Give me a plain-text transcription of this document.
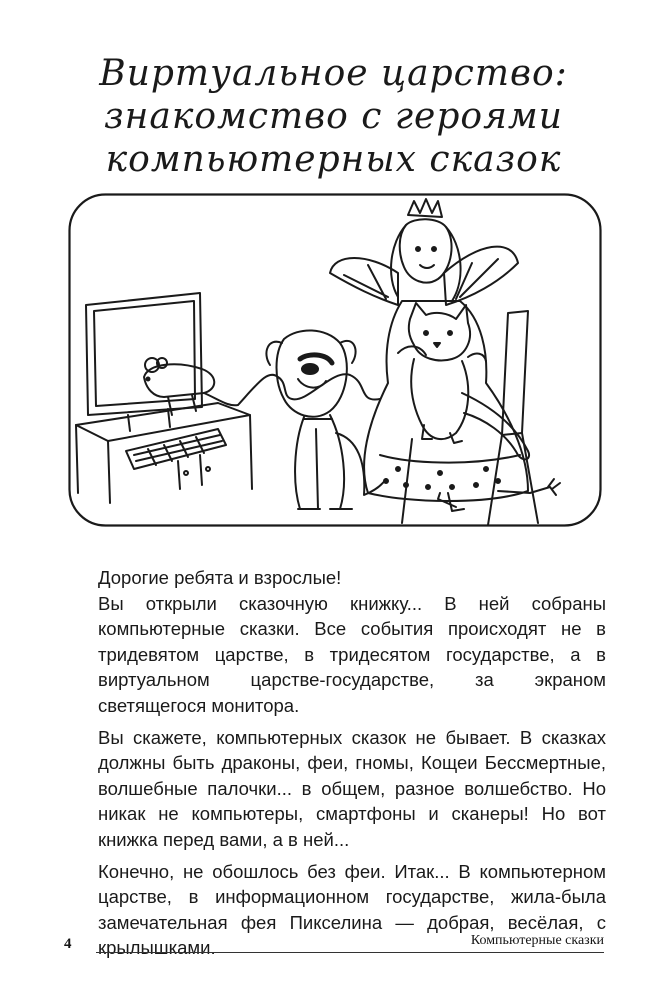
Виртуальное царство:
знакомство с героями
компьютерных сказок

Дорогие ребята и взрослые!

Вы открыли сказочную книжку... В ней собраны компьютерные сказки. Все события происходят не в тридевятом царстве, в тридесятом государстве, а в виртуальном царстве-государстве, за экраном светящегося монитора.

Вы скажете, компьютерных сказок не бывает. В сказках должны быть драконы, феи, гномы, Кощеи Бессмертные, волшебные палочки... в общем, разное волшебство. Но никак не компьютеры, смартфоны и сканеры! Но вот книжка перед вами, а в ней...

Конечно, не обошлось без феи. Итак... В компьютерном царстве, в информационном государстве, жила-была замечательная фея Пикселина — добрая, весёлая, с крылышками.

4	Компьютерные сказки
